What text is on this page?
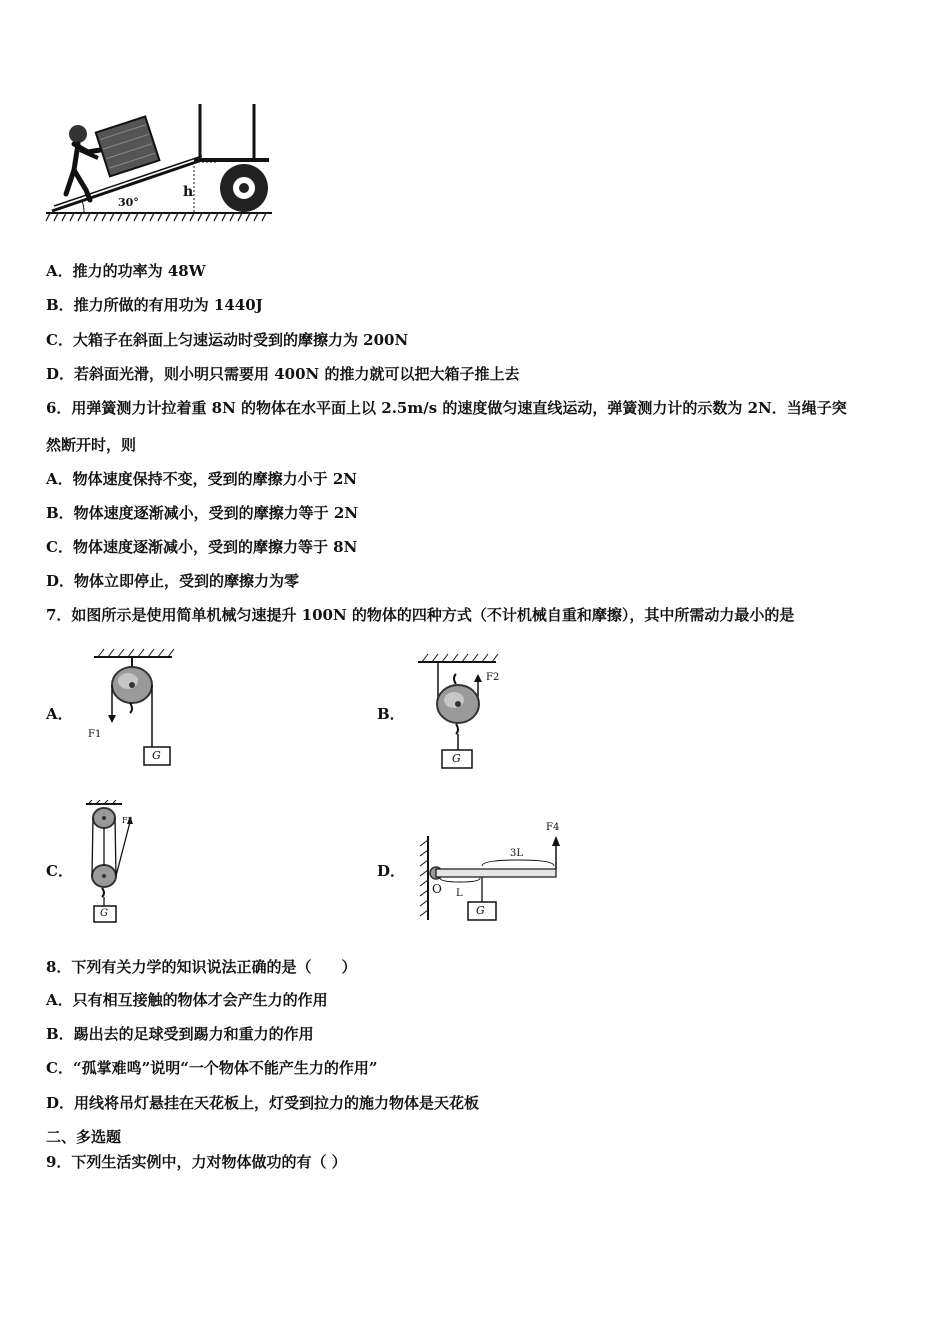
30°
h
A．推力的功率为 48W
B．推力所做的有用功为 1440J
C．大箱子在斜面上匀速运动时受到的摩擦力为 200N
D．若斜面光滑，则小明只需要用 400N 的推力就可以把大箱子推上去
6．用弹簧测力计拉着重 8N 的物体在水平面上以 2.5m/s 的速度做匀速直线运动，弹簧测力计的示数为 2N．当绳子突
然断开时，则
A．物体速度保持不变，受到的摩擦力小于 2N
B．物体速度逐渐减小，受到的摩擦力等于 2N
C．物体速度逐渐减小，受到的摩擦力等于 8N
D．物体立即停止，受到的摩擦力为零
7．如图所示是使用简单机械匀速提升 100N 的物体的四种方式（不计机械自重和摩擦），其中所需动力最小的是
A．
F1
G
B．
F2
G
C．
F3
G
D．
F4
3L
L
O
G
8．下列有关力学的知识说法正确的是（　　）
A．只有相互接触的物体才会产生力的作用
B．踢出去的足球受到踢力和重力的作用
C．“孤掌难鸣”说明“一个物体不能产生力的作用”
D．用线将吊灯悬挂在天花板上，灯受到拉力的施力物体是天花板
二、多选题
9．下列生活实例中，力对物体做功的有（ ）
